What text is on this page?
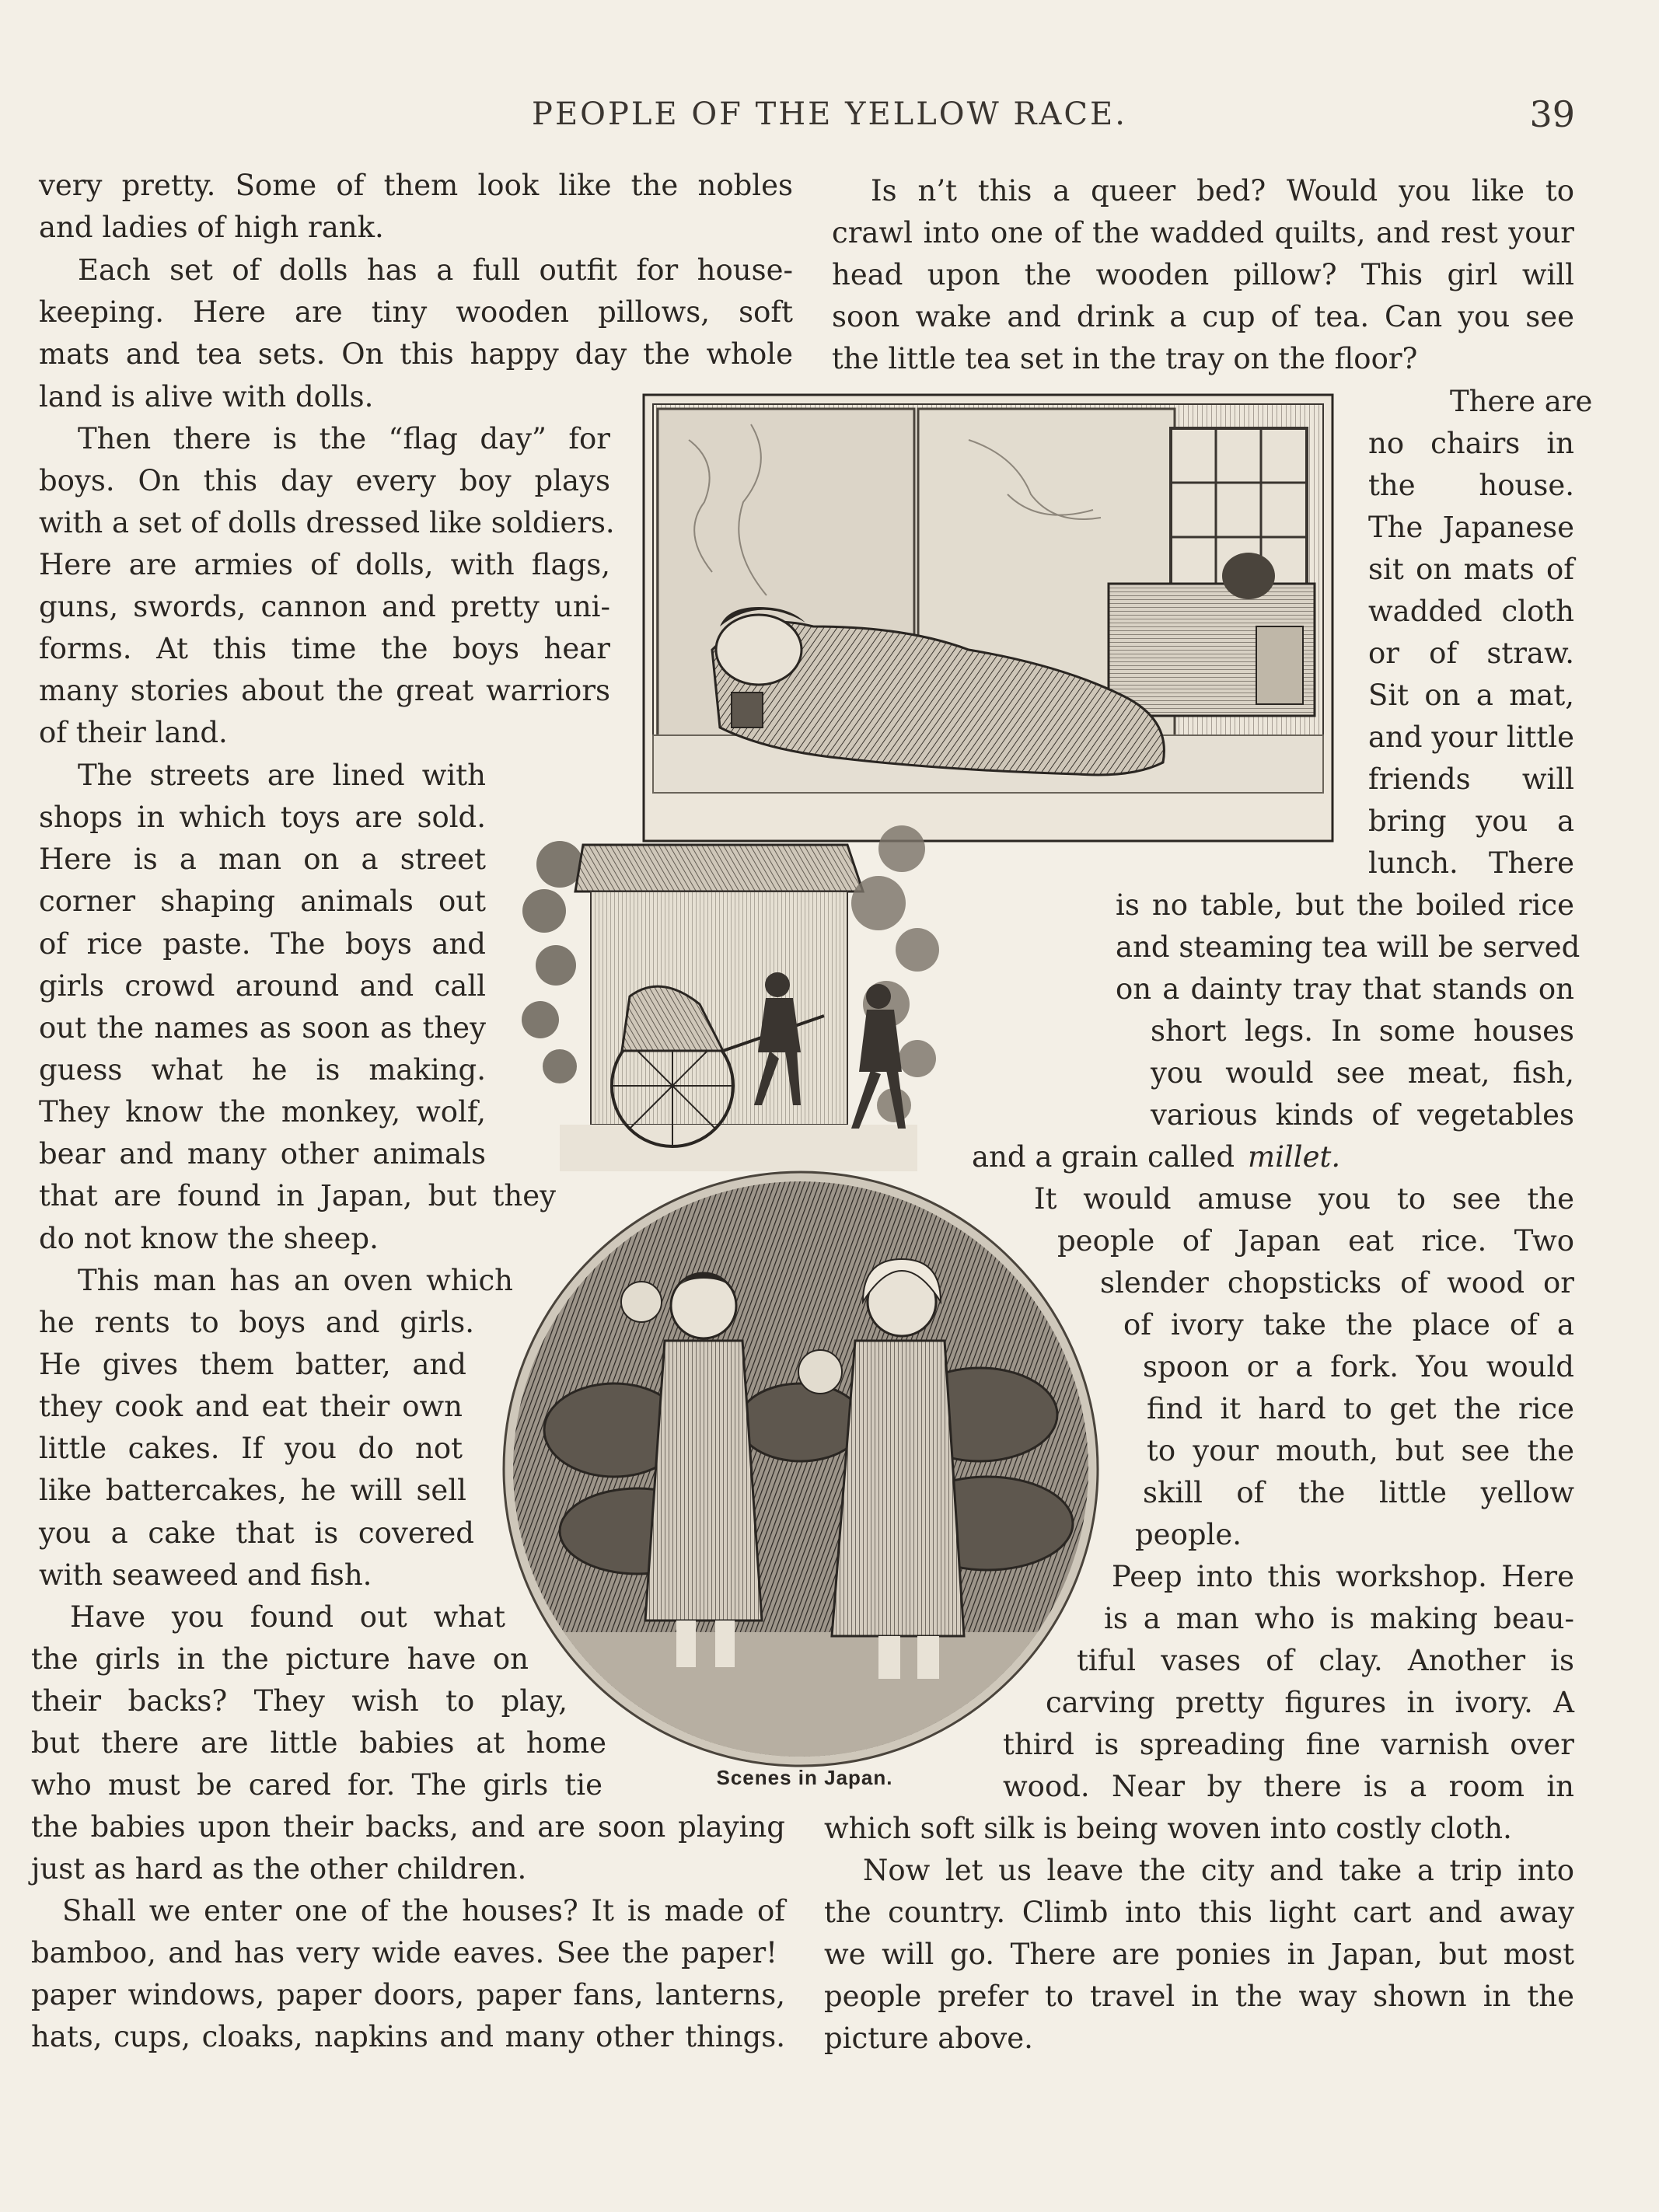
PEOPLE OF THE YELLOW RACE.	39
Scenes in Japan.
very pretty. Some of them look like the nobles
and ladies of high rank.
Each set of dolls has a full outfit for house-
keeping. Here are tiny wooden pillows, soft
mats and tea sets. On this happy day the whole
land is alive with dolls.
Then there is the “flag day” for
boys. On this day every boy plays
with a set of dolls dressed like soldiers.
Here are armies of dolls, with flags,
guns, swords, cannon and pretty uni-
forms. At this time the boys hear
many stories about the great warriors
of their land.
The streets are lined with
shops in which toys are sold.
Here is a man on a street
corner shaping animals out
of rice paste. The boys and
girls crowd around and call
out the names as soon as they
guess what he is making.
They know the monkey, wolf,
bear and many other animals
that are found in Japan, but they
do not know the sheep.
This man has an oven which
he rents to boys and girls.
He gives them batter, and
they cook and eat their own
little cakes. If you do not
like battercakes, he will sell
you a cake that is covered
with seaweed and fish.
Have you found out what
the girls in the picture have on
their backs? They wish to play,
but there are little babies at home
who must be cared for. The girls tie
the babies upon their backs, and are soon playing
just as hard as the other children.
Shall we enter one of the houses? It is made of
bamboo, and has very wide eaves. See the paper!
paper windows, paper doors, paper fans, lanterns,
hats, cups, cloaks, napkins and many other things.
Is n’t this a queer bed? Would you like to
crawl into one of the wadded quilts, and rest your
head upon the wooden pillow? This girl will
soon wake and drink a cup of tea. Can you see
the little tea set in the tray on the floor?
There are
no chairs in
the house.
The Japanese
sit on mats of
wadded cloth
or of straw.
Sit on a mat,
and your little
friends will
bring you a
lunch. There
is no table, but the boiled rice
and steaming tea will be served
on a dainty tray that stands on
short legs. In some houses
you would see meat, fish,
various kinds of vegetables
and a grain called millet.
It would amuse you to see the
people of Japan eat rice. Two
slender chopsticks of wood or
of ivory take the place of a
spoon or a fork. You would
find it hard to get the rice
to your mouth, but see the
skill of the little yellow
people.
Peep into this workshop. Here
is a man who is making beau-
tiful vases of clay. Another is
carving pretty figures in ivory. A
third is spreading fine varnish over
wood. Near by there is a room in
which soft silk is being woven into costly cloth.
Now let us leave the city and take a trip into
the country. Climb into this light cart and away
we will go. There are ponies in Japan, but most
people prefer to travel in the way shown in the
picture above.
